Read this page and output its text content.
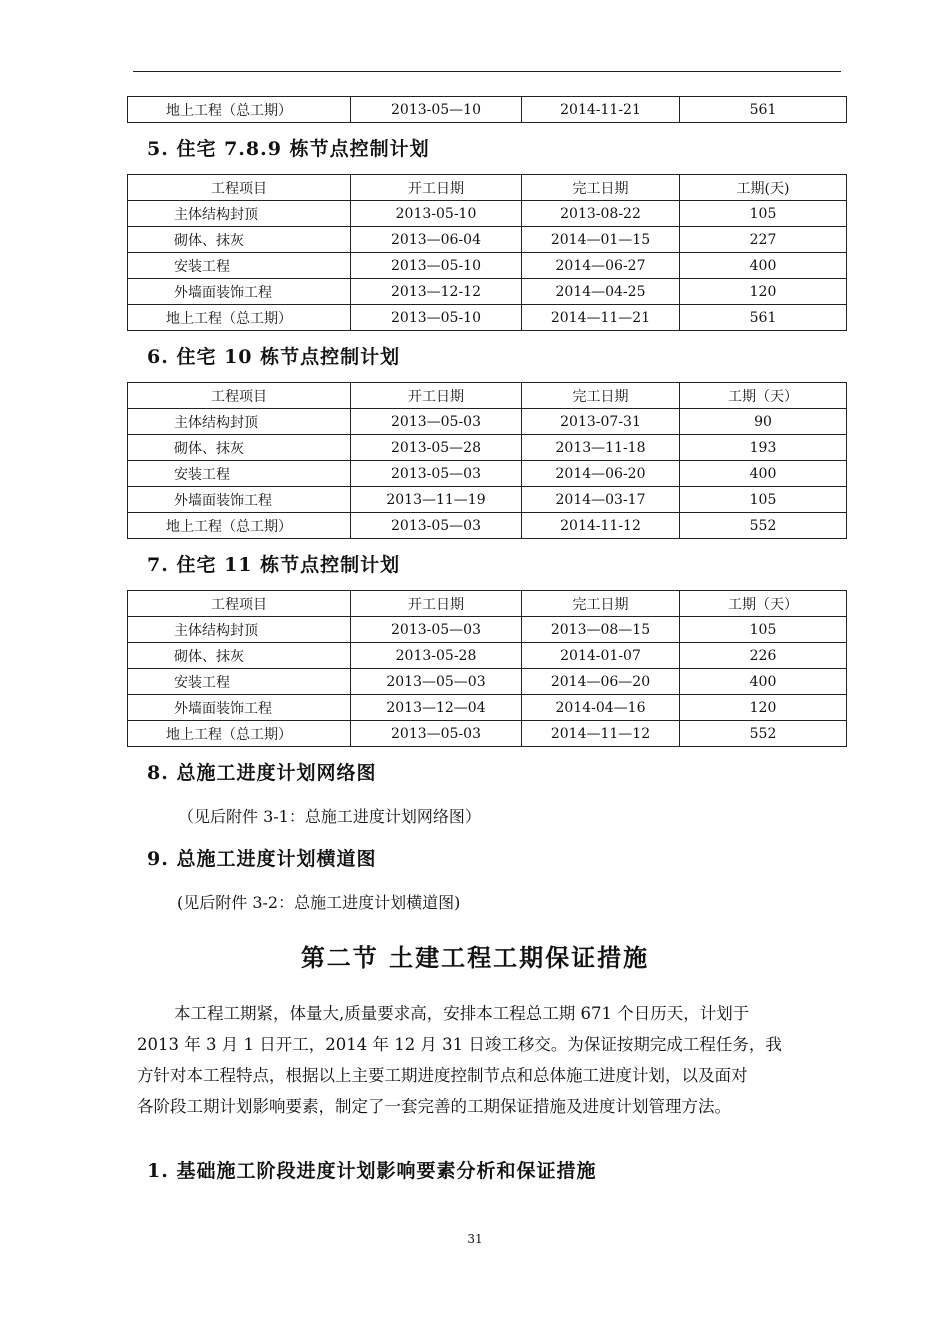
地上工程（总工期）	2013-05—10	2014-11-21	561
5. 住宅 7.8.9 栋节点控制计划
工程项目	开工日期	完工日期	工期(天)
主体结构封顶	2013-05-10	2013-08-22	105
砌体、抹灰	2013—06-04	2014—01—15	227
安装工程	2013—05-10	2014—06-27	400
外墙面装饰工程	2013—12-12	2014—04-25	120
地上工程（总工期）	2013—05-10	2014—11—21	561
6. 住宅 10 栋节点控制计划
工程项目	开工日期	完工日期	工期（天）
主体结构封顶	2013—05-03	2013-07-31	90
砌体、抹灰	2013-05—28	2013—11-18	193
安装工程	2013-05—03	2014—06-20	400
外墙面装饰工程	2013—11—19	2014—03-17	105
地上工程（总工期）	2013-05—03	2014-11-12	552
7. 住宅 11 栋节点控制计划
工程项目	开工日期	完工日期	工期（天）
主体结构封顶	2013-05—03	2013—08—15	105
砌体、抹灰	2013-05-28	2014-01-07	226
安装工程	2013—05—03	2014—06—20	400
外墙面装饰工程	2013—12—04	2014-04—16	120
地上工程（总工期）	2013—05-03	2014—11—12	552
8. 总施工进度计划网络图
（见后附件 3-1：总施工进度计划网络图）
9. 总施工进度计划横道图
(见后附件 3-2：总施工进度计划横道图)
第二节 土建工程工期保证措施
本工程工期紧，体量大,质量要求高，安排本工程总工期 671 个日历天，计划于
2013 年 3 月 1 日开工，2014 年 12 月 31 日竣工移交。为保证按期完成工程任务，我
方针对本工程特点，根据以上主要工期进度控制节点和总体施工进度计划，以及面对
各阶段工期计划影响要素，制定了一套完善的工期保证措施及进度计划管理方法。
1. 基础施工阶段进度计划影响要素分析和保证措施
31
